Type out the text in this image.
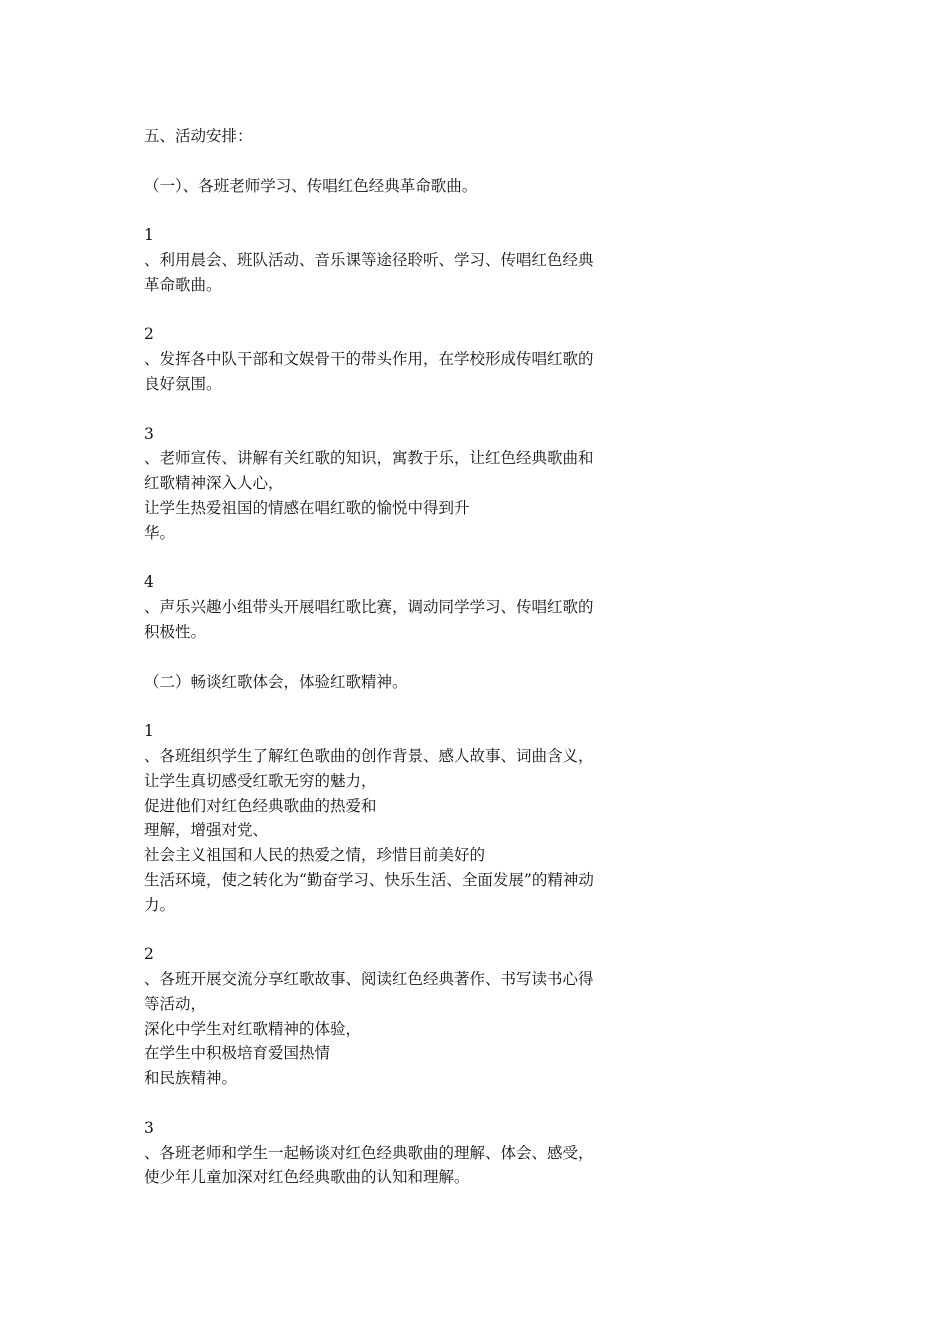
五、活动安排：
（一）、各班老师学习、传唱红色经典革命歌曲。
1
、利用晨会、班队活动、音乐课等途径聆听、学习、传唱红色经典
革命歌曲。
2
、发挥各中队干部和文娱骨干的带头作用，在学校形成传唱红歌的
良好氛围。
3
、老师宣传、讲解有关红歌的知识，寓教于乐，让红色经典歌曲和
红歌精神深入人心，
让学生热爱祖国的情感在唱红歌的愉悦中得到升
华。
4
、声乐兴趣小组带头开展唱红歌比赛，调动同学学习、传唱红歌的
积极性。
（二）畅谈红歌体会，体验红歌精神。
1
、各班组织学生了解红色歌曲的创作背景、感人故事、词曲含义，
让学生真切感受红歌无穷的魅力，
促进他们对红色经典歌曲的热爱和
理解，增强对党、
社会主义祖国和人民的热爱之情，珍惜目前美好的
生活环境，使之转化为“勤奋学习、快乐生活、全面发展”的精神动
力。
2
、各班开展交流分享红歌故事、阅读红色经典著作、书写读书心得
等活动，
深化中学生对红歌精神的体验，
在学生中积极培育爱国热情
和民族精神。
3
、各班老师和学生一起畅谈对红色经典歌曲的理解、体会、感受，
使少年儿童加深对红色经典歌曲的认知和理解。
